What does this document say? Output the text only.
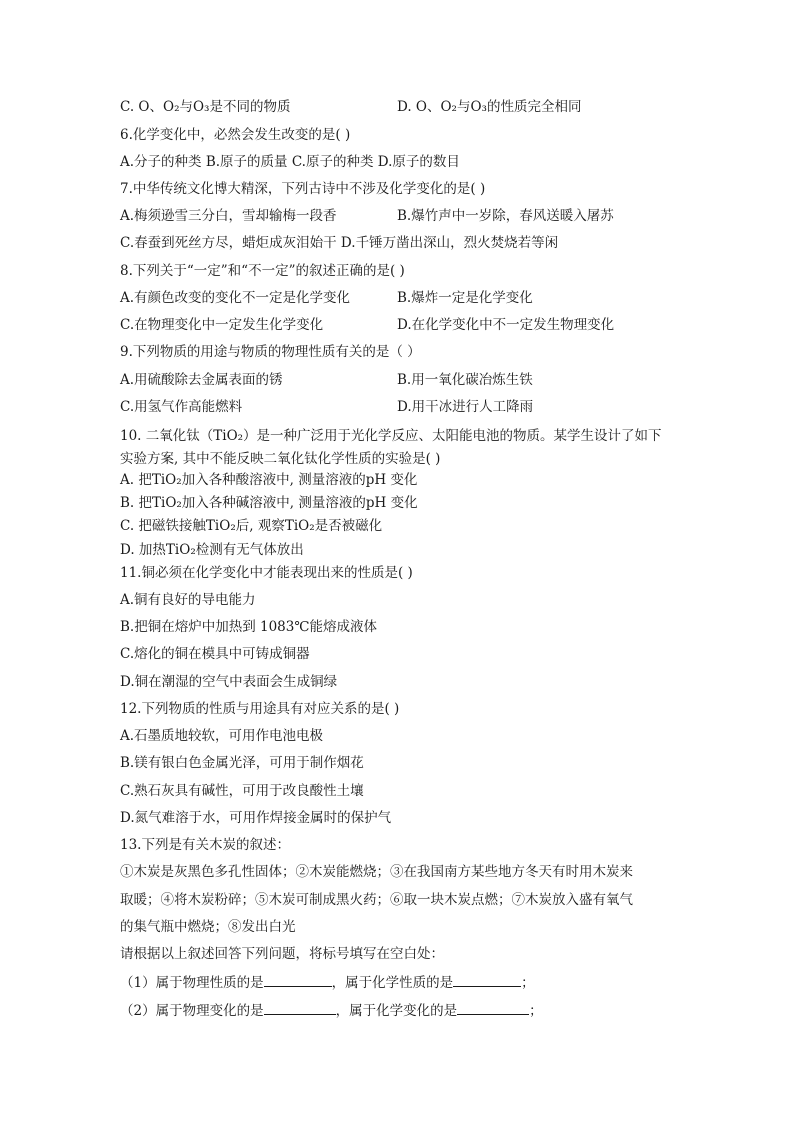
C. O、O₂与O₃是不同的物质	D. O、O₂与O₃的性质完全相同
6.化学变化中，必然会发生改变的是( )
A.分子的种类 B.原子的质量 C.原子的种类 D.原子的数目
7.中华传统文化博大精深，下列古诗中不涉及化学变化的是( )
A.梅须逊雪三分白，雪却输梅一段香	B.爆竹声中一岁除，春风送暖入屠苏
C.春蚕到死丝方尽，蜡炬成灰泪始干 D.千锤万凿出深山，烈火焚烧若等闲
8.下列关于“一定”和“不一定”的叙述正确的是( )
A.有颜色改变的变化不一定是化学变化	B.爆炸一定是化学变化
C.在物理变化中一定发生化学变化	D.在化学变化中不一定发生物理变化
9.下列物质的用途与物质的物理性质有关的是（ ）
A.用硫酸除去金属表面的锈	B.用一氧化碳冶炼生铁
C.用氢气作高能燃料	D.用干冰进行人工降雨
10. 二氧化钛（TiO₂）是一种广泛用于光化学反应、太阳能电池的物质。某学生设计了如下
实验方案, 其中不能反映二氧化钛化学性质的实验是( )
A. 把TiO₂加入各种酸溶液中, 测量溶液的pH 变化
B. 把TiO₂加入各种碱溶液中, 测量溶液的pH 变化
C. 把磁铁接触TiO₂后, 观察TiO₂是否被磁化
D. 加热TiO₂检测有无气体放出
11.铜必须在化学变化中才能表现出来的性质是( )
A.铜有良好的导电能力
B.把铜在熔炉中加热到 1083℃能熔成液体
C.熔化的铜在模具中可铸成铜器
D.铜在潮湿的空气中表面会生成铜绿
12.下列物质的性质与用途具有对应关系的是( )
A.石墨质地较软，可用作电池电极
B.镁有银白色金属光泽，可用于制作烟花
C.熟石灰具有碱性，可用于改良酸性土壤
D.氮气难溶于水，可用作焊接金属时的保护气
13.下列是有关木炭的叙述：
①木炭是灰黑色多孔性固体；②木炭能燃烧；③在我国南方某些地方冬天有时用木炭来
取暖；④将木炭粉碎；⑤木炭可制成黑火药；⑥取一块木炭点燃；⑦木炭放入盛有氧气
的集气瓶中燃烧；⑧发出白光
请根据以上叙述回答下列问题，将标号填写在空白处：
（1）属于物理性质的是	，属于化学性质的是	；
（2）属于物理变化的是	，属于化学变化的是	；
